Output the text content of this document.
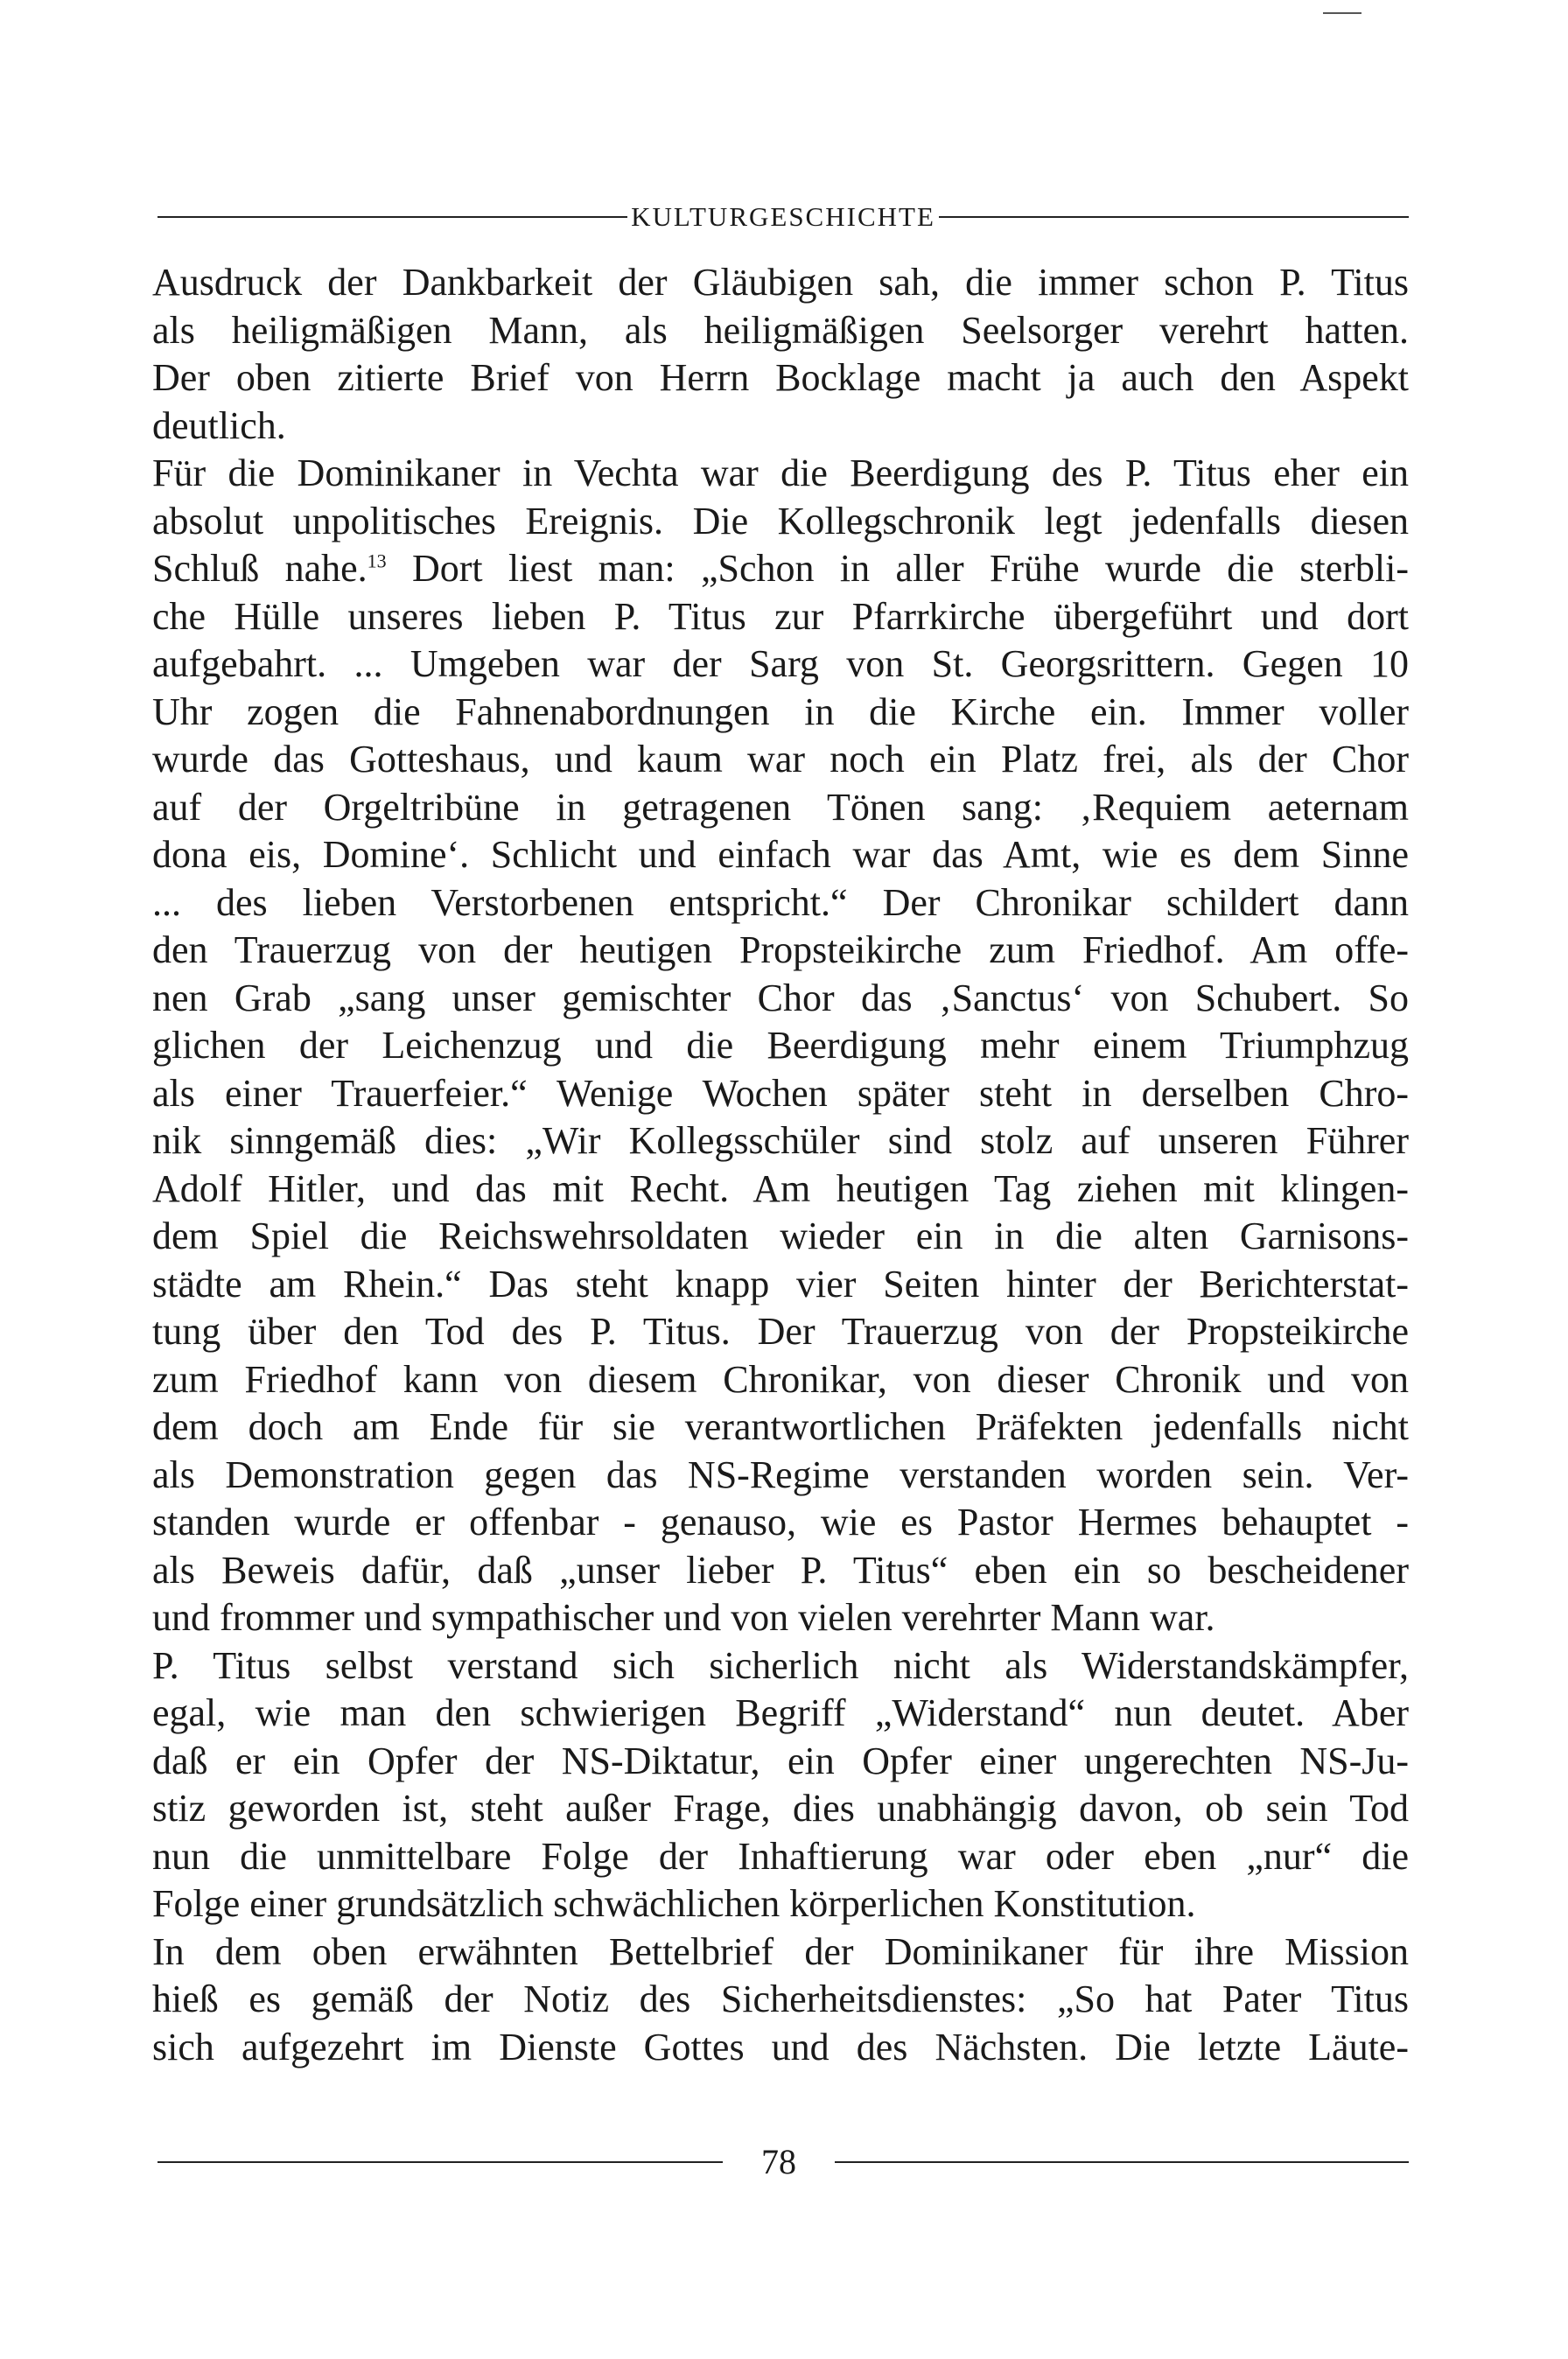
KULTURGESCHICHTE
Ausdruck der Dankbarkeit der Gläubigen sah, die immer schon P. Titus
als heiligmäßigen Mann, als heiligmäßigen Seelsorger verehrt hatten.
Der oben zitierte Brief von Herrn Bocklage macht ja auch den Aspekt
deutlich.
Für die Dominikaner in Vechta war die Beerdigung des P. Titus eher ein
absolut unpolitisches Ereignis. Die Kollegschronik legt jedenfalls diesen
Schluß nahe.$^{13}$ Dort liest man: „Schon in aller Frühe wurde die sterbli-
che Hülle unseres lieben P. Titus zur Pfarrkirche übergeführt und dort
aufgebahrt. ... Umgeben war der Sarg von St. Georgsrittern. Gegen 10
Uhr zogen die Fahnenabordnungen in die Kirche ein. Immer voller
wurde das Gotteshaus, und kaum war noch ein Platz frei, als der Chor
auf der Orgeltribüne in getragenen Tönen sang: ‚Requiem aeternam
dona eis, Domine‘. Schlicht und einfach war das Amt, wie es dem Sinne
... des lieben Verstorbenen entspricht.“ Der Chronikar schildert dann
den Trauerzug von der heutigen Propsteikirche zum Friedhof. Am offe-
nen Grab „sang unser gemischter Chor das ‚Sanctus‘ von Schubert. So
glichen der Leichenzug und die Beerdigung mehr einem Triumphzug
als einer Trauerfeier.“ Wenige Wochen später steht in derselben Chro-
nik sinngemäß dies: „Wir Kollegsschüler sind stolz auf unseren Führer
Adolf Hitler, und das mit Recht. Am heutigen Tag ziehen mit klingen-
dem Spiel die Reichswehrsoldaten wieder ein in die alten Garnisons-
städte am Rhein.“ Das steht knapp vier Seiten hinter der Berichterstat-
tung über den Tod des P. Titus. Der Trauerzug von der Propsteikirche
zum Friedhof kann von diesem Chronikar, von dieser Chronik und von
dem doch am Ende für sie verantwortlichen Präfekten jedenfalls nicht
als Demonstration gegen das NS-Regime verstanden worden sein. Ver-
standen wurde er offenbar - genauso, wie es Pastor Hermes behauptet -
als Beweis dafür, daß „unser lieber P. Titus“ eben ein so bescheidener
und frommer und sympathischer und von vielen verehrter Mann war.
P. Titus selbst verstand sich sicherlich nicht als Widerstandskämpfer,
egal, wie man den schwierigen Begriff „Widerstand“ nun deutet. Aber
daß er ein Opfer der NS-Diktatur, ein Opfer einer ungerechten NS-Ju-
stiz geworden ist, steht außer Frage, dies unabhängig davon, ob sein Tod
nun die unmittelbare Folge der Inhaftierung war oder eben „nur“ die
Folge einer grundsätzlich schwächlichen körperlichen Konstitution.
In dem oben erwähnten Bettelbrief der Dominikaner für ihre Mission
hieß es gemäß der Notiz des Sicherheitsdienstes: „So hat Pater Titus
sich aufgezehrt im Dienste Gottes und des Nächsten. Die letzte Läute-
78
